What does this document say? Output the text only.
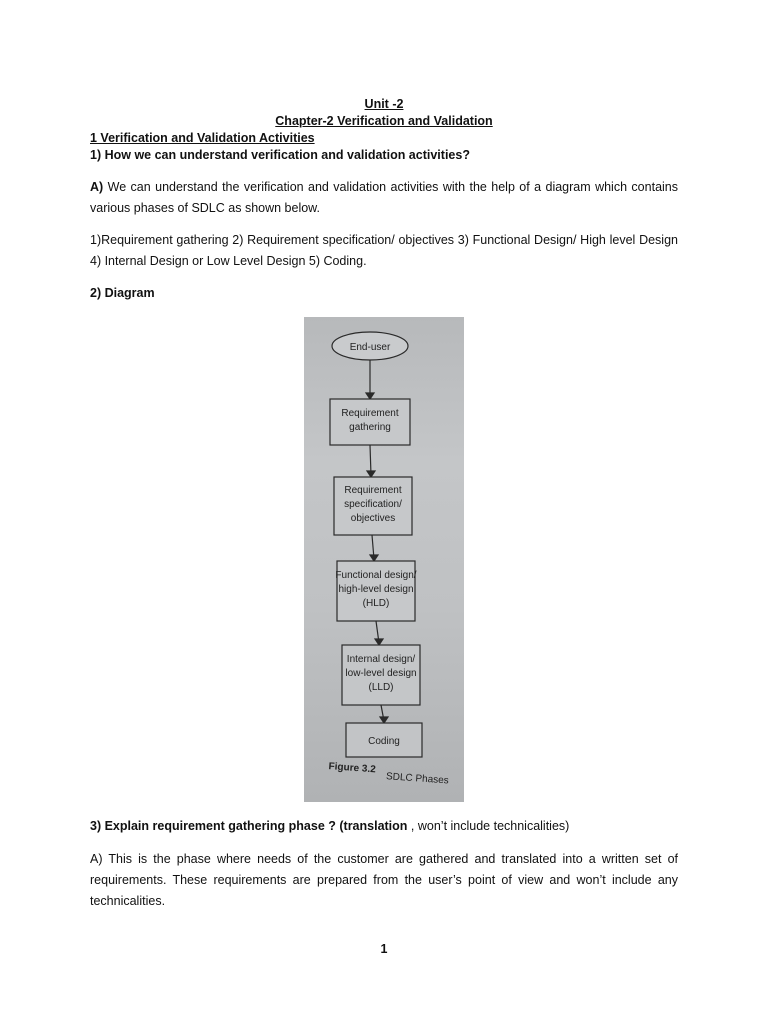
Unit -2
Chapter-2 Verification and Validation
1 Verification and Validation Activities
1) How we can understand verification and validation activities?
A) We can understand the verification and validation activities with the help of a diagram which contains various phases of SDLC as shown below.
1)Requirement gathering 2) Requirement specification/ objectives 3) Functional Design/ High level Design 4) Internal Design or Low Level Design 5) Coding.
2) Diagram
End-user
Requirement
gathering
Requirement
specification/
objectives
Functional design/
high-level design
(HLD)
Internal design/
low-level design
(LLD)
Coding
Figure 3.2
SDLC Phases
3) Explain requirement gathering phase ? (translation , won’t include technicalities)
A) This is the phase where needs of the customer are gathered and translated into a written set of requirements. These requirements are prepared from the user’s point of view and won’t include any technicalities.
1
